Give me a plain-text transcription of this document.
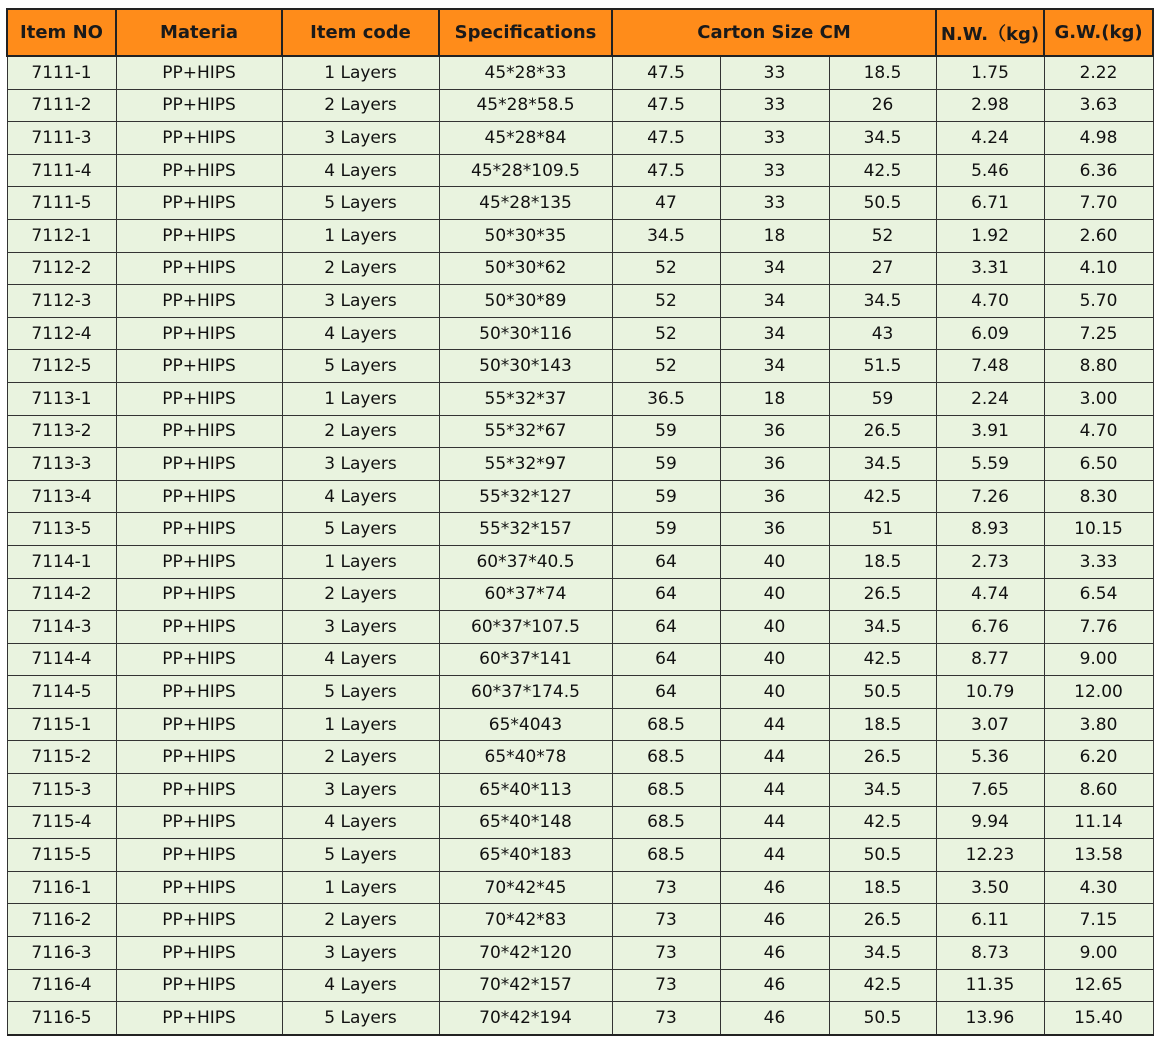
Item NO	Materia	Item code	Specifications	Carton Size CM			N.W.（kg)	G.W.(kg)
7111-1	PP+HIPS	1 Layers	45*28*33	47.5	33	18.5	1.75	2.22
7111-2	PP+HIPS	2 Layers	45*28*58.5	47.5	33	26	2.98	3.63
7111-3	PP+HIPS	3 Layers	45*28*84	47.5	33	34.5	4.24	4.98
7111-4	PP+HIPS	4 Layers	45*28*109.5	47.5	33	42.5	5.46	6.36
7111-5	PP+HIPS	5 Layers	45*28*135	47	33	50.5	6.71	7.70
7112-1	PP+HIPS	1 Layers	50*30*35	34.5	18	52	1.92	2.60
7112-2	PP+HIPS	2 Layers	50*30*62	52	34	27	3.31	4.10
7112-3	PP+HIPS	3 Layers	50*30*89	52	34	34.5	4.70	5.70
7112-4	PP+HIPS	4 Layers	50*30*116	52	34	43	6.09	7.25
7112-5	PP+HIPS	5 Layers	50*30*143	52	34	51.5	7.48	8.80
7113-1	PP+HIPS	1 Layers	55*32*37	36.5	18	59	2.24	3.00
7113-2	PP+HIPS	2 Layers	55*32*67	59	36	26.5	3.91	4.70
7113-3	PP+HIPS	3 Layers	55*32*97	59	36	34.5	5.59	6.50
7113-4	PP+HIPS	4 Layers	55*32*127	59	36	42.5	7.26	8.30
7113-5	PP+HIPS	5 Layers	55*32*157	59	36	51	8.93	10.15
7114-1	PP+HIPS	1 Layers	60*37*40.5	64	40	18.5	2.73	3.33
7114-2	PP+HIPS	2 Layers	60*37*74	64	40	26.5	4.74	6.54
7114-3	PP+HIPS	3 Layers	60*37*107.5	64	40	34.5	6.76	7.76
7114-4	PP+HIPS	4 Layers	60*37*141	64	40	42.5	8.77	9.00
7114-5	PP+HIPS	5 Layers	60*37*174.5	64	40	50.5	10.79	12.00
7115-1	PP+HIPS	1 Layers	65*4043	68.5	44	18.5	3.07	3.80
7115-2	PP+HIPS	2 Layers	65*40*78	68.5	44	26.5	5.36	6.20
7115-3	PP+HIPS	3 Layers	65*40*113	68.5	44	34.5	7.65	8.60
7115-4	PP+HIPS	4 Layers	65*40*148	68.5	44	42.5	9.94	11.14
7115-5	PP+HIPS	5 Layers	65*40*183	68.5	44	50.5	12.23	13.58
7116-1	PP+HIPS	1 Layers	70*42*45	73	46	18.5	3.50	4.30
7116-2	PP+HIPS	2 Layers	70*42*83	73	46	26.5	6.11	7.15
7116-3	PP+HIPS	3 Layers	70*42*120	73	46	34.5	8.73	9.00
7116-4	PP+HIPS	4 Layers	70*42*157	73	46	42.5	11.35	12.65
7116-5	PP+HIPS	5 Layers	70*42*194	73	46	50.5	13.96	15.40
